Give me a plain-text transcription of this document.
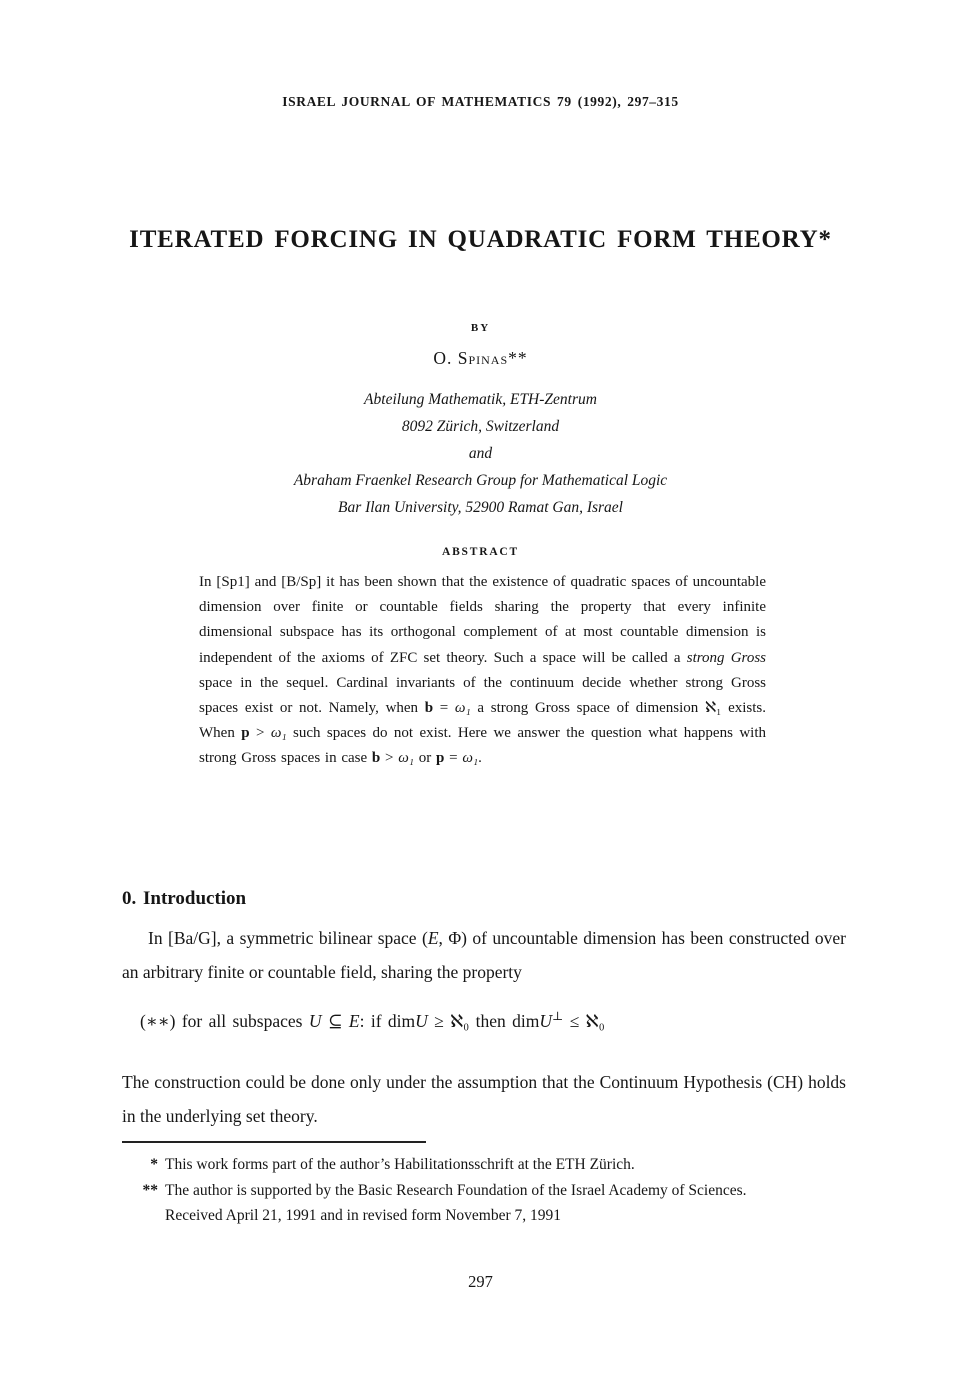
ISRAEL JOURNAL OF MATHEMATICS 79 (1992), 297–315
ITERATED FORCING IN QUADRATIC FORM THEORY*
BY
O. Spinas**
Abteilung Mathematik, ETH-Zentrum
8092 Zürich, Switzerland
and
Abraham Fraenkel Research Group for Mathematical Logic
Bar Ilan University, 52900 Ramat Gan, Israel
ABSTRACT
In [Sp1] and [B/Sp] it has been shown that the existence of quadratic spaces of uncountable dimension over finite or countable fields sharing the property that every infinite dimensional subspace has its orthogonal complement of at most countable dimension is independent of the axioms of ZFC set theory. Such a space will be called a strong Gross space in the sequel. Cardinal invariants of the continuum decide whether strong Gross spaces exist or not. Namely, when b = ω₁ a strong Gross space of dimension ℵ₁ exists. When p > ω₁ such spaces do not exist. Here we answer the question what happens with strong Gross spaces in case b > ω₁ or p = ω₁.
0. Introduction
In [Ba/G], a symmetric bilinear space (E, Φ) of uncountable dimension has been constructed over an arbitrary finite or countable field, sharing the property
(∗∗) for all subspaces U ⊆ E: if dimU ≥ ℵ₀ then dimU⊥ ≤ ℵ₀
The construction could be done only under the assumption that the Continuum Hypothesis (CH) holds in the underlying set theory.
* This work forms part of the author’s Habilitationsschrift at the ETH Zürich.
** The author is supported by the Basic Research Foundation of the Israel Academy of Sciences.
Received April 21, 1991 and in revised form November 7, 1991
297
